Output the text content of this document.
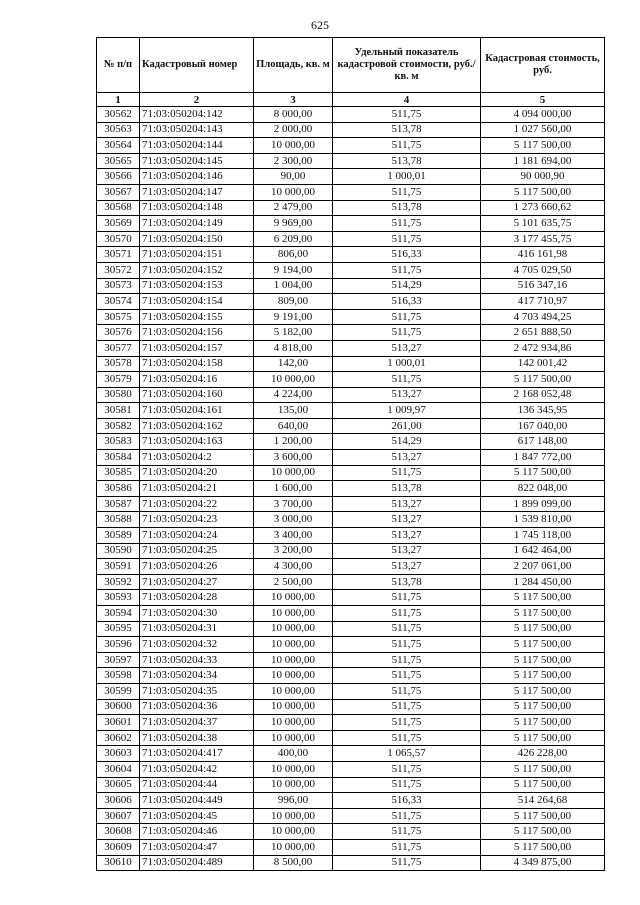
625
№ п/п	Кадастровый номер	Площадь, кв. м	Удельный показатель кадастровой стоимости, руб./кв. м	Кадастровая стоимость, руб.
1	2	3	4	5
30562	71:03:050204:142	8 000,00	511,75	4 094 000,00
30563	71:03:050204:143	2 000,00	513,78	1 027 560,00
30564	71:03:050204:144	10 000,00	511,75	5 117 500,00
30565	71:03:050204:145	2 300,00	513,78	1 181 694,00
30566	71:03:050204:146	90,00	1 000,01	90 000,90
30567	71:03:050204:147	10 000,00	511,75	5 117 500,00
30568	71:03:050204:148	2 479,00	513,78	1 273 660,62
30569	71:03:050204:149	9 969,00	511,75	5 101 635,75
30570	71:03:050204:150	6 209,00	511,75	3 177 455,75
30571	71:03:050204:151	806,00	516,33	416 161,98
30572	71:03:050204:152	9 194,00	511,75	4 705 029,50
30573	71:03:050204:153	1 004,00	514,29	516 347,16
30574	71:03:050204:154	809,00	516,33	417 710,97
30575	71:03:050204:155	9 191,00	511,75	4 703 494,25
30576	71:03:050204:156	5 182,00	511,75	2 651 888,50
30577	71:03:050204:157	4 818,00	513,27	2 472 934,86
30578	71:03:050204:158	142,00	1 000,01	142 001,42
30579	71:03:050204:16	10 000,00	511,75	5 117 500,00
30580	71:03:050204:160	4 224,00	513,27	2 168 052,48
30581	71:03:050204:161	135,00	1 009,97	136 345,95
30582	71:03:050204:162	640,00	261,00	167 040,00
30583	71:03:050204:163	1 200,00	514,29	617 148,00
30584	71:03:050204:2	3 600,00	513,27	1 847 772,00
30585	71:03:050204:20	10 000,00	511,75	5 117 500,00
30586	71:03:050204:21	1 600,00	513,78	822 048,00
30587	71:03:050204:22	3 700,00	513,27	1 899 099,00
30588	71:03:050204:23	3 000,00	513,27	1 539 810,00
30589	71:03:050204:24	3 400,00	513,27	1 745 118,00
30590	71:03:050204:25	3 200,00	513,27	1 642 464,00
30591	71:03:050204:26	4 300,00	513,27	2 207 061,00
30592	71:03:050204:27	2 500,00	513,78	1 284 450,00
30593	71:03:050204:28	10 000,00	511,75	5 117 500,00
30594	71:03:050204:30	10 000,00	511,75	5 117 500,00
30595	71:03:050204:31	10 000,00	511,75	5 117 500,00
30596	71:03:050204:32	10 000,00	511,75	5 117 500,00
30597	71:03:050204:33	10 000,00	511,75	5 117 500,00
30598	71:03:050204:34	10 000,00	511,75	5 117 500,00
30599	71:03:050204:35	10 000,00	511,75	5 117 500,00
30600	71:03:050204:36	10 000,00	511,75	5 117 500,00
30601	71:03:050204:37	10 000,00	511,75	5 117 500,00
30602	71:03:050204:38	10 000,00	511,75	5 117 500,00
30603	71:03:050204:417	400,00	1 065,57	426 228,00
30604	71:03:050204:42	10 000,00	511,75	5 117 500,00
30605	71:03:050204:44	10 000,00	511,75	5 117 500,00
30606	71:03:050204:449	996,00	516,33	514 264,68
30607	71:03:050204:45	10 000,00	511,75	5 117 500,00
30608	71:03:050204:46	10 000,00	511,75	5 117 500,00
30609	71:03:050204:47	10 000,00	511,75	5 117 500,00
30610	71:03:050204:489	8 500,00	511,75	4 349 875,00
